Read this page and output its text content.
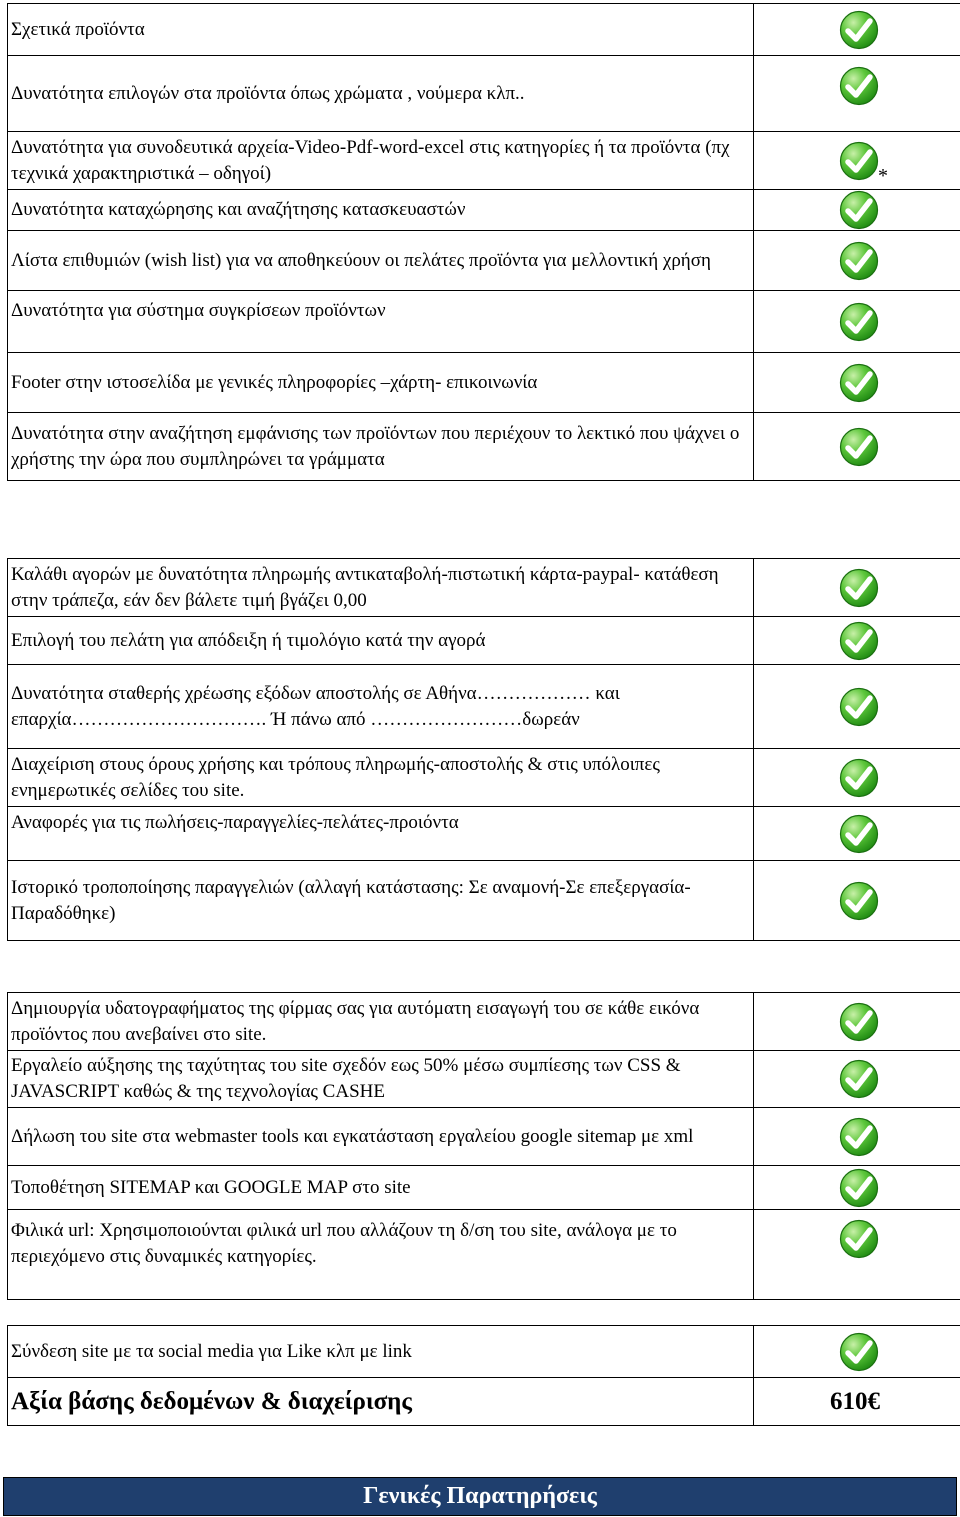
Σχετικά προϊόντα	
Δυνατότητα επιλογών στα προϊόντα όπως χρώματα , νούμερα κλπ..	
Δυνατότητα για συνοδευτικά αρχεία-Video-Pdf-word-excel στις κατηγορίες ή τα προϊόντα (πχ τεχνικά χαρακτηριστικά – οδηγοί)	*

Δυνατότητα καταχώρησης και αναζήτησης κατασκευαστών	
Λίστα επιθυμιών (wish list) για να αποθηκεύουν οι πελάτες προϊόντα για μελλοντική χρήση	
Δυνατότητα για σύστημα συγκρίσεων προϊόντων	
Footer στην ιστοσελίδα με γενικές πληροφορίες –χάρτη- επικοινωνία	
Δυνατότητα στην αναζήτηση εμφάνισης των προϊόντων που περιέχουν το λεκτικό που ψάχνει ο χρήστης την ώρα που συμπληρώνει τα γράμματα	
Καλάθι αγορών με δυνατότητα πληρωμής αντικαταβολή-πιστωτική κάρτα-paypal- κατάθεση στην τράπεζα, εάν δεν βάλετε τιμή βγάζει 0,00	
Επιλογή του πελάτη για απόδειξη ή τιμολόγιο κατά την αγορά	
Δυνατότητα σταθερής χρέωσης εξόδων αποστολής σε Αθήνα……………… και επαρχία…………………………. Ή πάνω από ……………………δωρεάν	
Διαχείριση στους όρους χρήσης και τρόπους πληρωμής-αποστολής & στις υπόλοιπες ενημερωτικές σελίδες του site.	
Αναφορές για τις πωλήσεις-παραγγελίες-πελάτες-προιόντα	
Ιστορικό τροποποίησης παραγγελιών (αλλαγή κατάστασης: Σε αναμονή-Σε επεξεργασία-Παραδόθηκε)	
Δημιουργία υδατογραφήματος της φίρμας σας για αυτόματη εισαγωγή του σε κάθε εικόνα προϊόντος που ανεβαίνει στο site.	
Εργαλείο αύξησης της ταχύτητας του site σχεδόν εως 50% μέσω συμπίεσης των CSS & JAVASCRIPT καθώς & της τεχνολογίας CASHE	
Δήλωση του site στα webmaster tools και εγκατάσταση εργαλείου google sitemap με xml	
Τοποθέτηση SITEMAP και GOOGLE MAP στο site	
Φιλικά url: Χρησιμοποιούνται φιλικά url που αλλάζουν τη δ/ση του site, ανάλογα με το περιεχόμενο στις δυναμικές κατηγορίες.	
Σύνδεση site με τα social media για Like κλπ με link	
Αξία βάσης δεδομένων & διαχείρισης	610€
Γενικές Παρατηρήσεις
